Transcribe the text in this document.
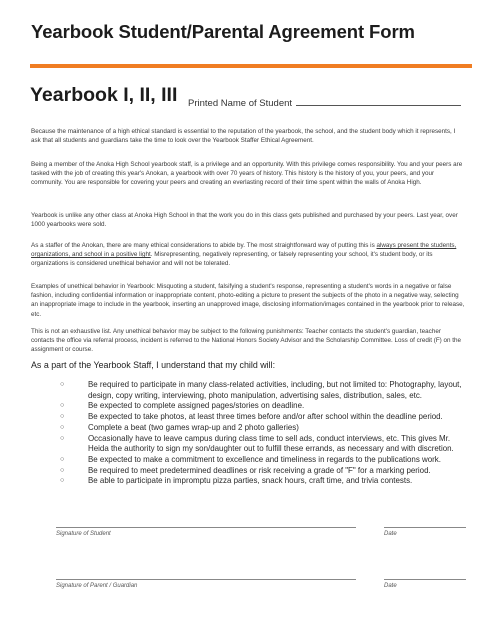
Yearbook Student/Parental Agreement Form
Yearbook I, II, III Printed Name of Student

Because the maintenance of a high ethical standard is essential to the reputation of the yearbook, the school, and the student body which it represents, I ask that all students and guardians take the time to look over the Yearbook Staffer Ethical Agreement.

Being a member of the Anoka High School yearbook staff, is a privilege and an opportunity. With this privilege comes responsibility. You and your peers are tasked with the job of creating this year's Anokan, a yearbook with over 70 years of history. This history is the history of you, your peers, and your community. You are responsible for covering your peers and creating an everlasting record of their time spent within the walls of Anoka High.

Yearbook is unlike any other class at Anoka High School in that the work you do in this class gets published and purchased by your peers. Last year, over 1000 yearbooks were sold.

As a staffer of the Anokan, there are many ethical considerations to abide by. The most straightforward way of putting this is always present the students, organizations, and school in a positive light. Misrepresenting, negatively representing, or falsely representing your school, it's student body, or its organizations is considered unethical behavior and will not be tolerated.

Examples of unethical behavior in Yearbook: Misquoting a student, falsifying a student's response, representing a student's words in a negative or false fashion, including confidential information or inappropriate content, photo-editing a picture to present the subjects of the photo in a negative way, selecting an inappropriate image to include in the yearbook, inserting an unapproved image, disclosing information/images contained in the yearbook prior to release, etc.

This is not an exhaustive list. Any unethical behavior may be subject to the following punishments: Teacher contacts the student's guardian, teacher contacts the office via referral process, incident is referred to the National Honors Society Advisor and the Scholarship Committee. Loss of credit (F) on the assignment or course.

As a part of the Yearbook Staff, I understand that my child will:

○	Be required to participate in many class-related activities, including, but not limited to: Photography, layout, design, copy writing, interviewing, photo manipulation, advertising sales, distribution, sales, etc.
○	Be expected to complete assigned pages/stories on deadline.
○	Be expected to take photos, at least three times before and/or after school within the deadline period.
○	Complete a beat (two games wrap-up and 2 photo galleries)
○	Occasionally have to leave campus during class time to sell ads, conduct interviews, etc. This gives Mr. Heida the authority to sign my son/daughter out to fulfill these errands, as necessary and with discretion.
○	Be expected to make a commitment to excellence and timeliness in regards to the publications work.
○	Be required to meet predetermined deadlines or risk receiving a grade of "F" for a marking period.
○	Be able to participate in impromptu pizza parties, snack hours, craft time, and trivia contests.
Signature of Student	Date
Signature of Parent / Guardian	Date
